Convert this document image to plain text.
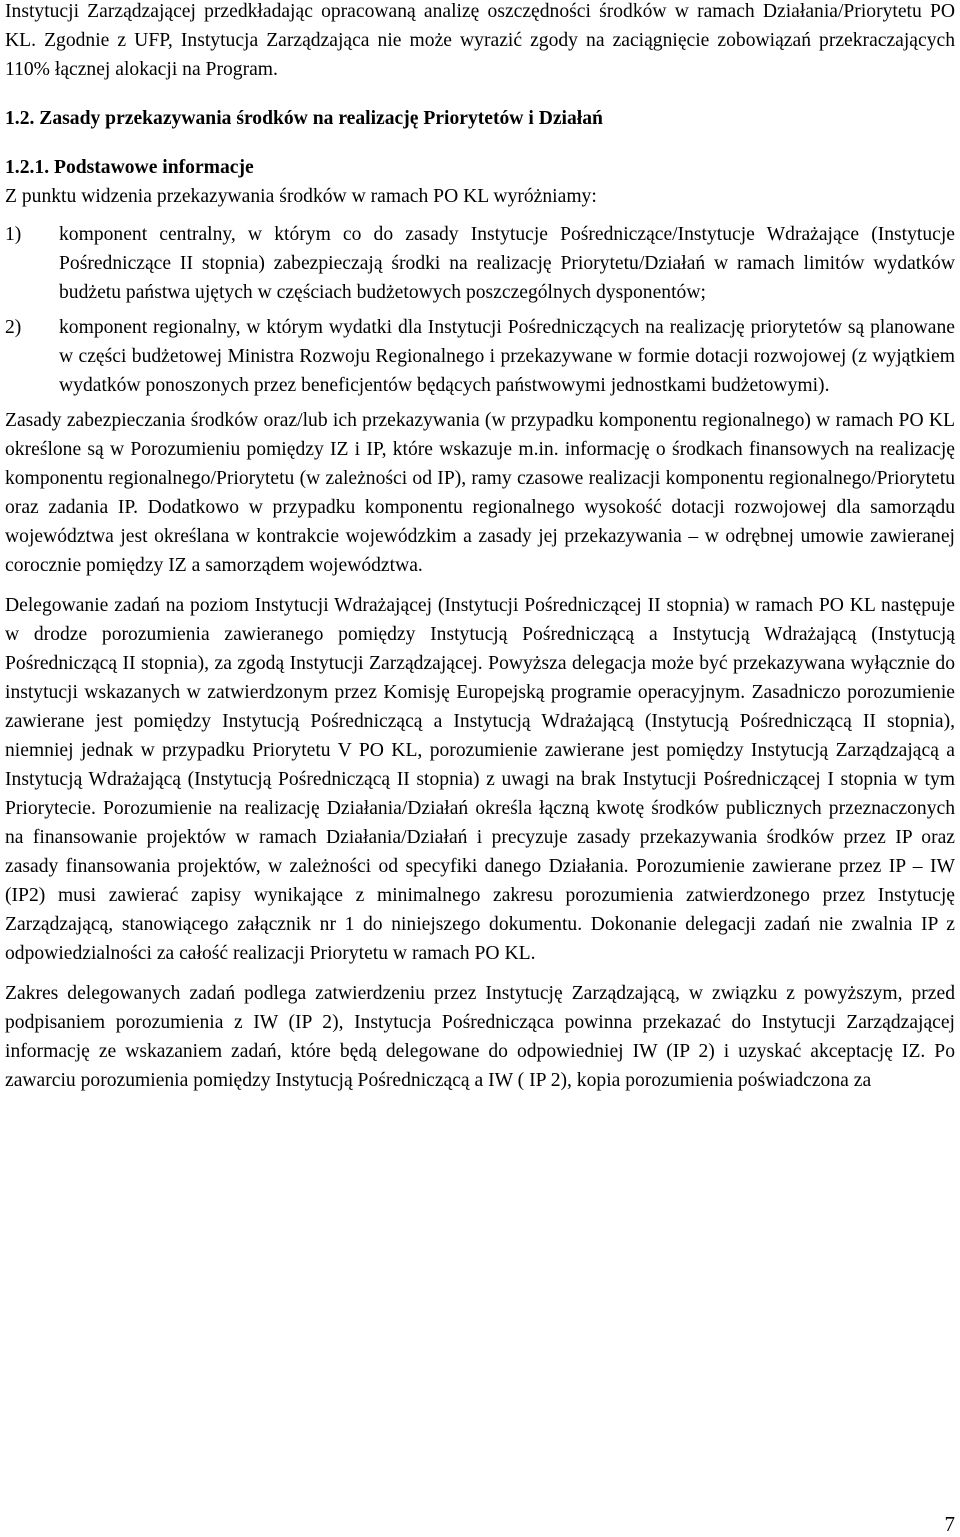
Instytucji Zarządzającej przedkładając opracowaną analizę oszczędności środków w ramach Działania/Priorytetu PO KL. Zgodnie z UFP, Instytucja Zarządzająca nie może wyrazić zgody na zaciągnięcie zobowiązań przekraczających 110% łącznej alokacji na Program.

1.2. Zasady przekazywania środków na realizację Priorytetów i Działań

1.2.1. Podstawowe informacje

Z punktu widzenia przekazywania środków w ramach PO KL wyróżniamy:

1) komponent centralny, w którym co do zasady Instytucje Pośredniczące/Instytucje Wdrażające (Instytucje Pośredniczące II stopnia) zabezpieczają środki na realizację Priorytetu/Działań w ramach limitów wydatków budżetu państwa ujętych w częściach budżetowych poszczególnych dysponentów;

2) komponent regionalny, w którym wydatki dla Instytucji Pośredniczących na realizację priorytetów są planowane w części budżetowej Ministra Rozwoju Regionalnego i przekazywane w formie dotacji rozwojowej (z wyjątkiem wydatków ponoszonych przez beneficjentów będących państwowymi jednostkami budżetowymi).

Zasady zabezpieczania środków oraz/lub ich przekazywania (w przypadku komponentu regionalnego) w ramach PO KL określone są w Porozumieniu pomiędzy IZ i IP, które wskazuje m.in. informację o środkach finansowych na realizację komponentu regionalnego/Priorytetu (w zależności od IP), ramy czasowe realizacji komponentu regionalnego/Priorytetu oraz zadania IP. Dodatkowo w przypadku komponentu regionalnego wysokość dotacji rozwojowej dla samorządu województwa jest określana w kontrakcie wojewódzkim a zasady jej przekazywania – w odrębnej umowie zawieranej corocznie pomiędzy IZ a samorządem województwa.

Delegowanie zadań na poziom Instytucji Wdrażającej (Instytucji Pośredniczącej II stopnia) w ramach PO KL następuje w drodze porozumienia zawieranego pomiędzy Instytucją Pośredniczącą a Instytucją Wdrażającą (Instytucją Pośredniczącą II stopnia), za zgodą Instytucji Zarządzającej. Powyższa delegacja może być przekazywana wyłącznie do instytucji wskazanych w zatwierdzonym przez Komisję Europejską programie operacyjnym. Zasadniczo porozumienie zawierane jest pomiędzy Instytucją Pośredniczącą a Instytucją Wdrażającą (Instytucją Pośredniczącą II stopnia), niemniej jednak w przypadku Priorytetu V PO KL, porozumienie zawierane jest pomiędzy Instytucją Zarządzającą a Instytucją Wdrażającą (Instytucją Pośredniczącą II stopnia) z uwagi na brak Instytucji Pośredniczącej I stopnia w tym Priorytecie. Porozumienie na realizację Działania/Działań określa łączną kwotę środków publicznych przeznaczonych na finansowanie projektów w ramach Działania/Działań i precyzuje zasady przekazywania środków przez IP oraz zasady finansowania projektów, w zależności od specyfiki danego Działania. Porozumienie zawierane przez IP – IW (IP2) musi zawierać zapisy wynikające z minimalnego zakresu porozumienia zatwierdzonego przez Instytucję Zarządzającą, stanowiącego załącznik nr 1 do niniejszego dokumentu. Dokonanie delegacji zadań nie zwalnia IP z odpowiedzialności za całość realizacji Priorytetu w ramach PO KL.

Zakres delegowanych zadań podlega zatwierdzeniu przez Instytucję Zarządzającą, w związku z powyższym, przed podpisaniem porozumienia z IW (IP 2), Instytucja Pośrednicząca powinna przekazać do Instytucji Zarządzającej informację ze wskazaniem zadań, które będą delegowane do odpowiedniej IW (IP 2) i uzyskać akceptację IZ. Po zawarciu porozumienia pomiędzy Instytucją Pośredniczącą a IW ( IP 2), kopia porozumienia poświadczona za

7
